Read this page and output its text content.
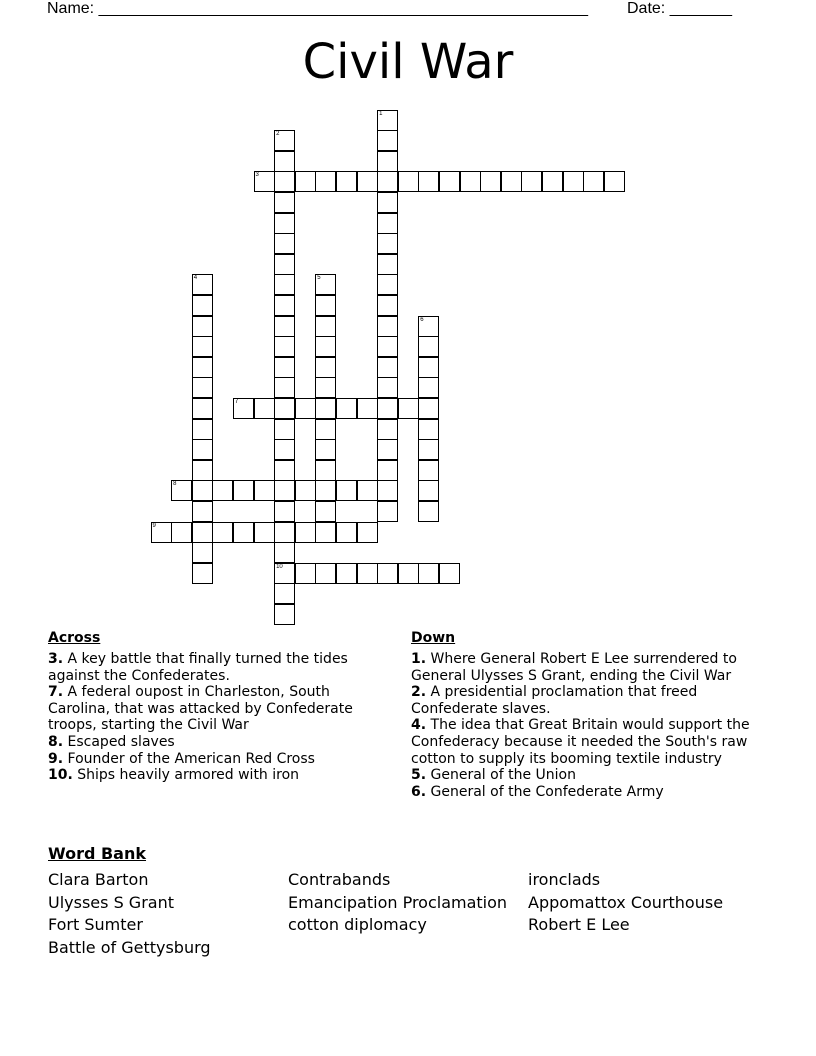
Name: _______________________________________________________ Date: _______
Civil War
1
2
10
3
4	5
6
7
8
9
Across
3. A key battle that finally turned the tides against the Confederates.
7. A federal oupost in Charleston, South Carolina, that was attacked by Confederate troops, starting the Civil War
8. Escaped slaves
9. Founder of the American Red Cross
10. Ships heavily armored with iron
Down
1. Where General Robert E Lee surrendered to General Ulysses S Grant, ending the Civil War
2. A presidential proclamation that freed Confederate slaves.
4. The idea that Great Britain would support the Confederacy because it needed the South's raw cotton to supply its booming textile industry
5. General of the Union
6. General of the Confederate Army
Word Bank
Clara Barton
Ulysses S Grant
Fort Sumter
Battle of Gettysburg
Contrabands
Emancipation Proclamation
cotton diplomacy
ironclads
Appomattox Courthouse
Robert E Lee
